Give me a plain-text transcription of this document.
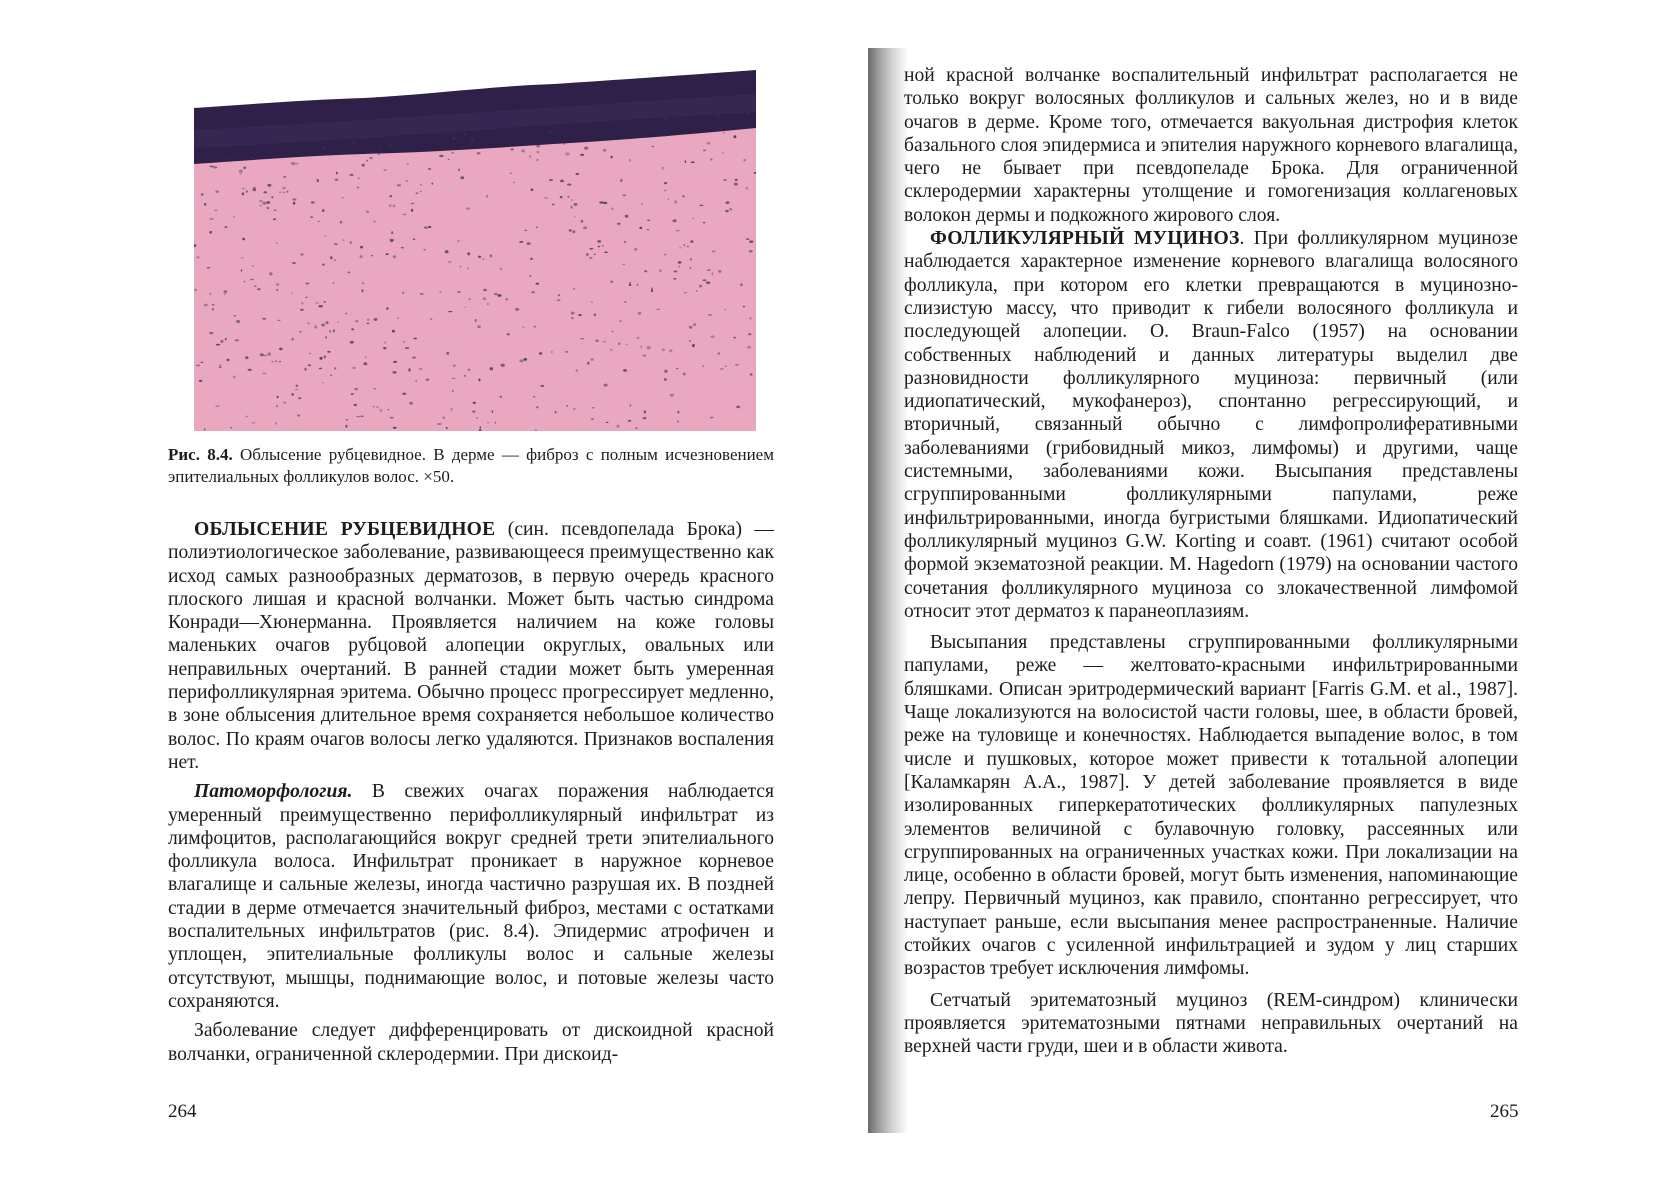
Рис. 8.4. Облысение рубцевидное. В дерме — фиброз с полным исчезновением эпителиальных фолликулов волос. ×50.

ОБЛЫСЕНИЕ РУБЦЕВИДНОЕ (син. псевдопелада Брока) — полиэтиологическое заболевание, развивающееся преимущественно как исход самых разнообразных дерматозов, в первую очередь красного плоского лишая и красной волчанки. Может быть частью синдрома Конради—Хюнерманна. Проявляется наличием на коже головы маленьких очагов рубцовой алопеции округлых, овальных или неправильных очертаний. В ранней стадии может быть умеренная перифолликулярная эритема. Обычно процесс прогрессирует медленно, в зоне облысения длительное время сохраняется небольшое количество волос. По краям очагов волосы легко удаляются. Признаков воспаления нет.

Патоморфология. В свежих очагах поражения наблюдается умеренный преимущественно перифолликулярный инфильтрат из лимфоцитов, располагающийся вокруг средней трети эпителиального фолликула волоса. Инфильтрат проникает в наружное корневое влагалище и сальные железы, иногда частично разрушая их. В поздней стадии в дерме отмечается значительный фиброз, местами с остатками воспалительных инфильтратов (рис. 8.4). Эпидермис атрофичен и уплощен, эпителиальные фолликулы волос и сальные железы отсутствуют, мышцы, поднимающие волос, и потовые железы часто сохраняются.

Заболевание следует дифференцировать от дискоидной красной волчанки, ограниченной склеродермии. При дискоид-

264

ной красной волчанке воспалительный инфильтрат располагается не только вокруг волосяных фолликулов и сальных желез, но и в виде очагов в дерме. Кроме того, отмечается вакуольная дистрофия клеток базального слоя эпидермиса и эпителия наружного корневого влагалища, чего не бывает при псевдопеладе Брока. Для ограниченной склеродермии характерны утолщение и гомогенизация коллагеновых волокон дермы и подкожного жирового слоя.

ФОЛЛИКУЛЯРНЫЙ МУЦИНОЗ. При фолликулярном муцинозе наблюдается характерное изменение корневого влагалища волосяного фолликула, при котором его клетки превращаются в муцинозно-слизистую массу, что приводит к гибели волосяного фолликула и последующей алопеции. O. Braun-Falco (1957) на основании собственных наблюдений и данных литературы выделил две разновидности фолликулярного муциноза: первичный (или идиопатический, мукофанероз), спонтанно регрессирующий, и вторичный, связанный обычно с лимфопролиферативными заболеваниями (грибовидный микоз, лимфомы) и другими, чаще системными, заболеваниями кожи. Высыпания представлены сгруппированными фолликулярными папулами, реже инфильтрированными, иногда бугристыми бляшками. Идиопатический фолликулярный муциноз G.W. Korting и соавт. (1961) считают особой формой экзематозной реакции. M. Hagedorn (1979) на основании частого сочетания фолликулярного муциноза со злокачественной лимфомой относит этот дерматоз к паранеоплазиям.

Высыпания представлены сгруппированными фолликулярными папулами, реже — желтовато-красными инфильтрированными бляшками. Описан эритродермический вариант [Farris G.M. et al., 1987]. Чаще локализуются на волосистой части головы, шее, в области бровей, реже на туловище и конечностях. Наблюдается выпадение волос, в том числе и пушковых, которое может привести к тотальной алопеции [Каламкарян А.А., 1987]. У детей заболевание проявляется в виде изолированных гиперкератотических фолликулярных папулезных элементов величиной с булавочную головку, рассеянных или сгруппированных на ограниченных участках кожи. При локализации на лице, особенно в области бровей, могут быть изменения, напоминающие лепру. Первичный муциноз, как правило, спонтанно регрессирует, что наступает раньше, если высыпания менее распространенные. Наличие стойких очагов с усиленной инфильтрацией и зудом у лиц старших возрастов требует исключения лимфомы.

Сетчатый эритематозный муциноз (REM-синдром) клинически проявляется эритематозными пятнами неправильных очертаний на верхней части груди, шеи и в области живота.

265
